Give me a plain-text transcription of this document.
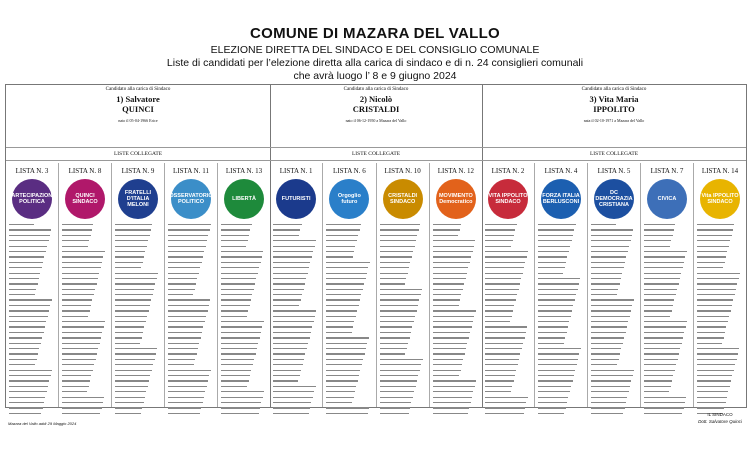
COMUNE DI MAZARA DEL VALLO
ELEZIONE DIRETTA DEL SINDACO E DEL CONSIGLIO COMUNALE
Liste di candidati per l’elezione diretta alla carica di sindaco e di n. 24 consiglieri comunali
che avrà luogo l’ 8 e 9 giugno 2024
Candidato alla carica di Sindaco
1) Salvatore
QUINCI
nato il 05-04-1966 Erice
LISTE COLLEGATE
LISTA N. 3
PARTECIPAZIONE POLITICA
LISTA N. 8
QUINCI SINDACO
LISTA N. 9
FRATELLI D'ITALIA MELONI
LISTA N. 11
OSSERVATORIO POLITICO
LISTA N. 13
LIBERTÀ
Candidato alla carica di Sindaco
2) Nicolò
CRISTALDI
nato il 06-12-1950 a Mazara del Vallo
LISTE COLLEGATE
LISTA N. 1
FUTURISTI
LISTA N. 6
Orgoglio futuro
LISTA N. 10
CRISTALDI SINDACO
LISTA N. 12
MOVIMENTO Democratico
Candidato alla carica di Sindaco
3) Vita Maria
IPPOLITO
nata il 02-10-1971 a Mazara del Vallo
LISTE COLLEGATE
LISTA N. 2
VITA IPPOLITO SINDACO
LISTA N. 4
FORZA ITALIA BERLUSCONI
LISTA N. 5
DC DEMOCRAZIA CRISTIANA
LISTA N. 7
CIVICA
LISTA N. 14
Vita IPPOLITO SINDACO
Mazara del Vallo addì 29 Maggio 2024
IL SINDACO
Dott. Salvatore Quinci
